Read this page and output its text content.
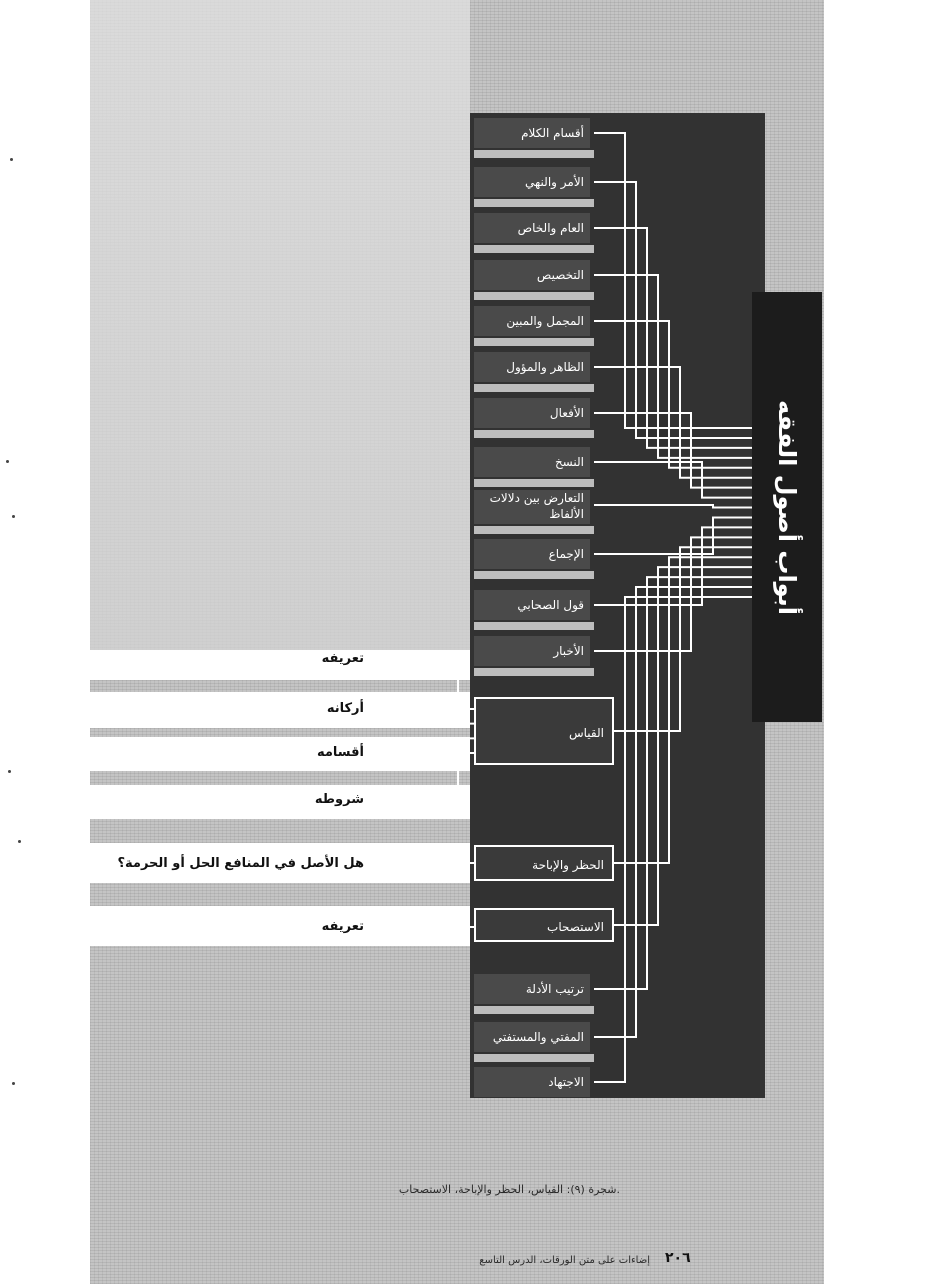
أقسام الكلام
الأمر والنهي
العام والخاص
التخصيص
المجمل والمبين
الظاهر والمؤول
الأفعال
النسخ
التعارض بين دلالات الألفاظ
الإجماع
قول الصحابي
الأخبار
القياس
الحظر والإباحة
الاستصحاب
ترتيب الأدلة
المفتي والمستفتي
الاجتهاد
أبواب أصول الفقه
تعريفه
أركانه
أقسامه
شروطه
هل الأصل في المنافع الحل أو الحرمة؟
تعريفه
شجرة (٩): القياس، الحظر والإباحة، الاستصحاب.
إضاءات على متن الورقات، الدرس التاسع ٢٠٦
